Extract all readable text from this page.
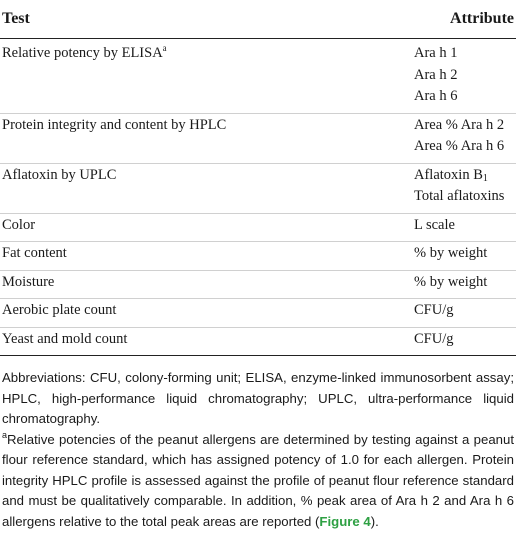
Test	Attribute
Relative potency by ELISA$^a$	Ara h 1
Ara h 2
Ara h 6

Protein integrity and content by HPLC	Area % Ara h 2
Area % Ara h 6

Aflatoxin by UPLC	Aflatoxin $B_1$
Total aflatoxins

Color	L scale

Fat content	% by weight

Moisture	% by weight

Aerobic plate count	CFU/g

Yeast and mold count	CFU/g

Abbreviations: CFU, colony-forming unit; ELISA, enzyme-linked immunosorbent assay; HPLC, high-performance liquid chromatography; UPLC, ultra-performance liquid chromatography.

$^a$Relative potencies of the peanut allergens are determined by testing against a peanut flour reference standard, which has assigned potency of 1.0 for each allergen. Protein integrity HPLC profile is assessed against the profile of peanut flour reference standard and must be qualitatively comparable. In addition, % peak area of Ara h 2 and Ara h 6 allergens relative to the total peak areas are reported (Figure 4).
